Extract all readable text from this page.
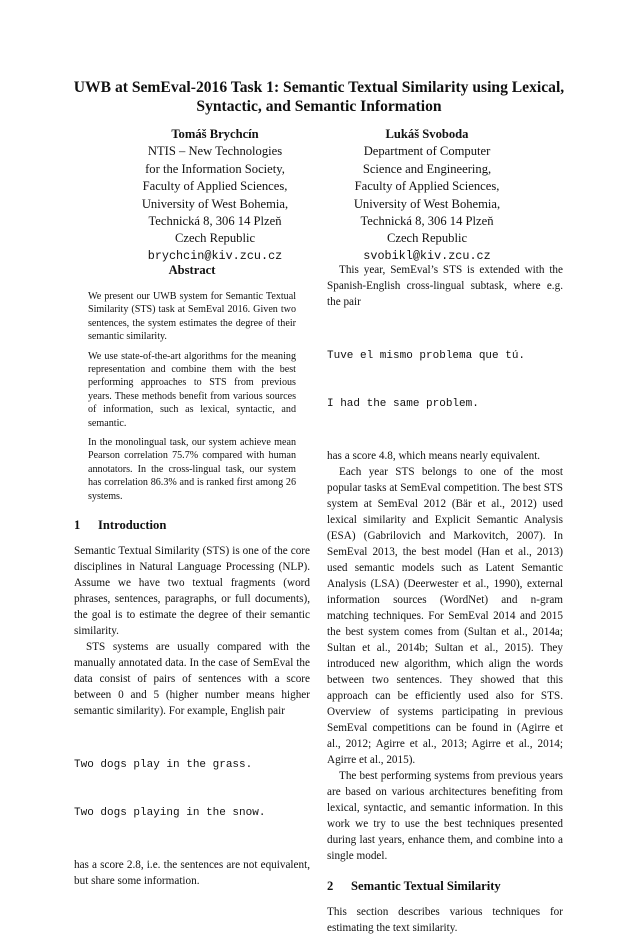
UWB at SemEval-2016 Task 1: Semantic Textual Similarity using Lexical,
Syntactic, and Semantic Information
Tomáš Brychcín
NTIS – New Technologies
for the Information Society,
Faculty of Applied Sciences,
University of West Bohemia,
Technická 8, 306 14 Plzeň
Czech Republic
brychcin@kiv.zcu.cz
Lukáš Svoboda
Department of Computer
Science and Engineering,
Faculty of Applied Sciences,
University of West Bohemia,
Technická 8, 306 14 Plzeň
Czech Republic
svobikl@kiv.zcu.cz
Abstract

We present our UWB system for Semantic Textual Similarity (STS) task at SemEval 2016. Given two sentences, the system estimates the degree of their semantic similarity.

We use state-of-the-art algorithms for the meaning representation and combine them with the best performing approaches to STS from previous years. These methods benefit from various sources of information, such as lexical, syntactic, and semantic.

In the monolingual task, our system achieve mean Pearson correlation 75.7% compared with human annotators. In the cross-lingual task, our system has correlation 86.3% and is ranked first among 26 systems.

1 Introduction

Semantic Textual Similarity (STS) is one of the core disciplines in Natural Language Processing (NLP). Assume we have two textual fragments (word phrases, sentences, paragraphs, or full documents), the goal is to estimate the degree of their semantic similarity.

STS systems are usually compared with the manually annotated data. In the case of SemEval the data consist of pairs of sentences with a score between 0 and 5 (higher number means higher semantic similarity). For example, English pair

Two dogs play in the grass.

Two dogs playing in the snow.

has a score 2.8, i.e. the sentences are not equivalent, but share some information.

This year, SemEval’s STS is extended with the Spanish-English cross-lingual subtask, where e.g. the pair

Tuve el mismo problema que tú.

I had the same problem.

has a score 4.8, which means nearly equivalent.

Each year STS belongs to one of the most popular tasks at SemEval competition. The best STS system at SemEval 2012 (Bär et al., 2012) used lexical similarity and Explicit Semantic Analysis (ESA) (Gabrilovich and Markovitch, 2007). In SemEval 2013, the best model (Han et al., 2013) used semantic models such as Latent Semantic Analysis (LSA) (Deerwester et al., 1990), external information sources (WordNet) and n-gram matching techniques. For SemEval 2014 and 2015 the best system comes from (Sultan et al., 2014a; Sultan et al., 2014b; Sultan et al., 2015). They introduced new algorithm, which align the words between two sentences. They showed that this approach can be efficiently used also for STS. Overview of systems participating in previous SemEval competitions can be found in (Agirre et al., 2012; Agirre et al., 2013; Agirre et al., 2014; Agirre et al., 2015).

The best performing systems from previous years are based on various architectures benefiting from lexical, syntactic, and semantic information. In this work we try to use the best techniques presented during last years, enhance them, and combine into a single model.

2 Semantic Textual Similarity

This section describes various techniques for estimating the text similarity.
